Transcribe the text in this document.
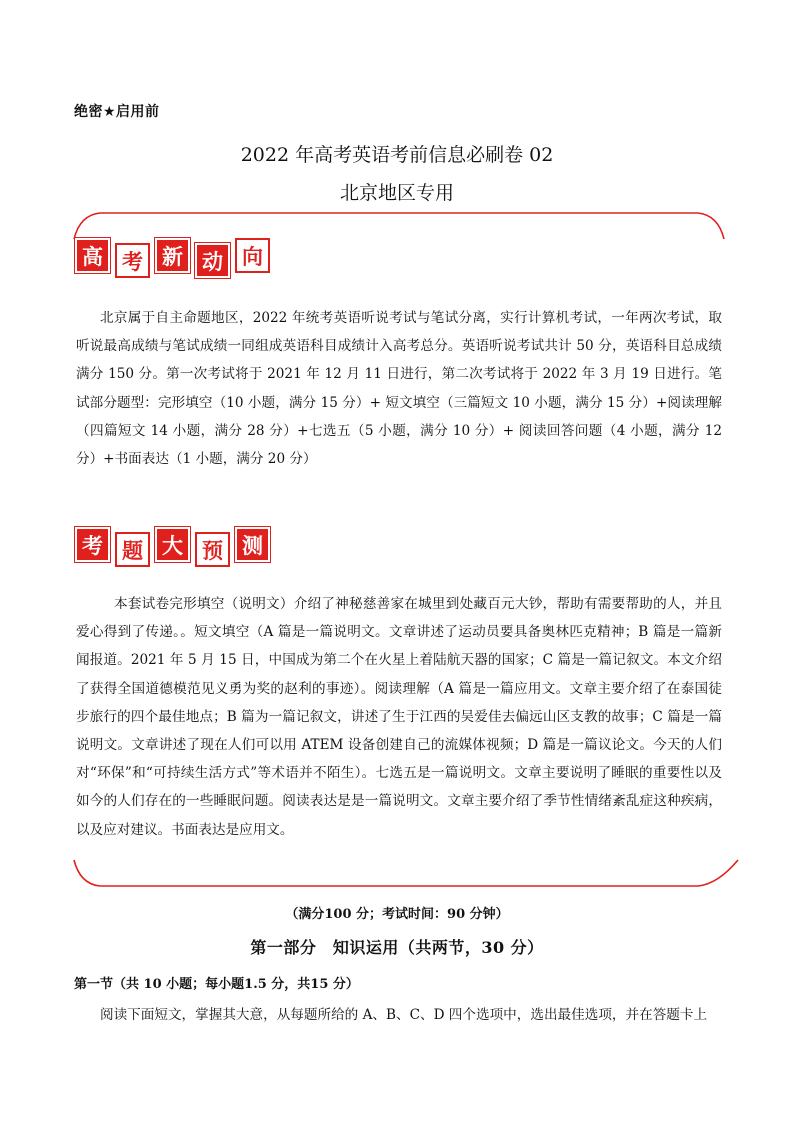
绝密★启用前
2022 年高考英语考前信息必刷卷 02
北京地区专用
高 考 新 动 向
北京属于自主命题地区，2022 年统考英语听说考试与笔试分离，实行计算机考试，一年两次考试，取听说最高成绩与笔试成绩一同组成英语科目成绩计入高考总分。英语听说考试共计 50 分，英语科目总成绩满分 150 分。第一次考试将于 2021 年 12 月 11 日进行，第二次考试将于 2022 年 3 月 19 日进行。笔试部分题型：完形填空（10 小题，满分 15 分）+ 短文填空（三篇短文 10 小题，满分 15 分）+阅读理解（四篇短文 14 小题，满分 28 分）+七选五（5 小题，满分 10 分）+ 阅读回答问题（4 小题，满分 12 分）+书面表达（1 小题，满分 20 分）
考 题 大 预 测
本套试卷完形填空（说明文）介绍了神秘慈善家在城里到处藏百元大钞，帮助有需要帮助的人，并且爱心得到了传递。。短文填空（A 篇是一篇说明文。文章讲述了运动员要具备奥林匹克精神；B 篇是一篇新闻报道。2021 年 5 月 15 日，中国成为第二个在火星上着陆航天器的国家；C 篇是一篇记叙文。本文介绍了获得全国道德模范见义勇为奖的赵利的事迹）。阅读理解（A 篇是一篇应用文。文章主要介绍了在泰国徒步旅行的四个最佳地点；B 篇为一篇记叙文，讲述了生于江西的吴爱佳去偏远山区支教的故事；C 篇是一篇说明文。文章讲述了现在人们可以用 ATEM 设备创建自己的流媒体视频；D 篇是一篇议论文。今天的人们对“环保”和“可持续生活方式”等术语并不陌生）。七选五是一篇说明文。文章主要说明了睡眠的重要性以及如今的人们存在的一些睡眠问题。阅读表达是是一篇说明文。文章主要介绍了季节性情绪紊乱症这种疾病，以及应对建议。书面表达是应用文。
（满分100 分；考试时间：90 分钟）
第一部分　知识运用（共两节，30 分）
第一节（共 10 小题；每小题1.5 分，共15 分）
阅读下面短文，掌握其大意，从每题所给的 A、B、C、D 四个选项中，选出最佳选项，并在答题卡上
